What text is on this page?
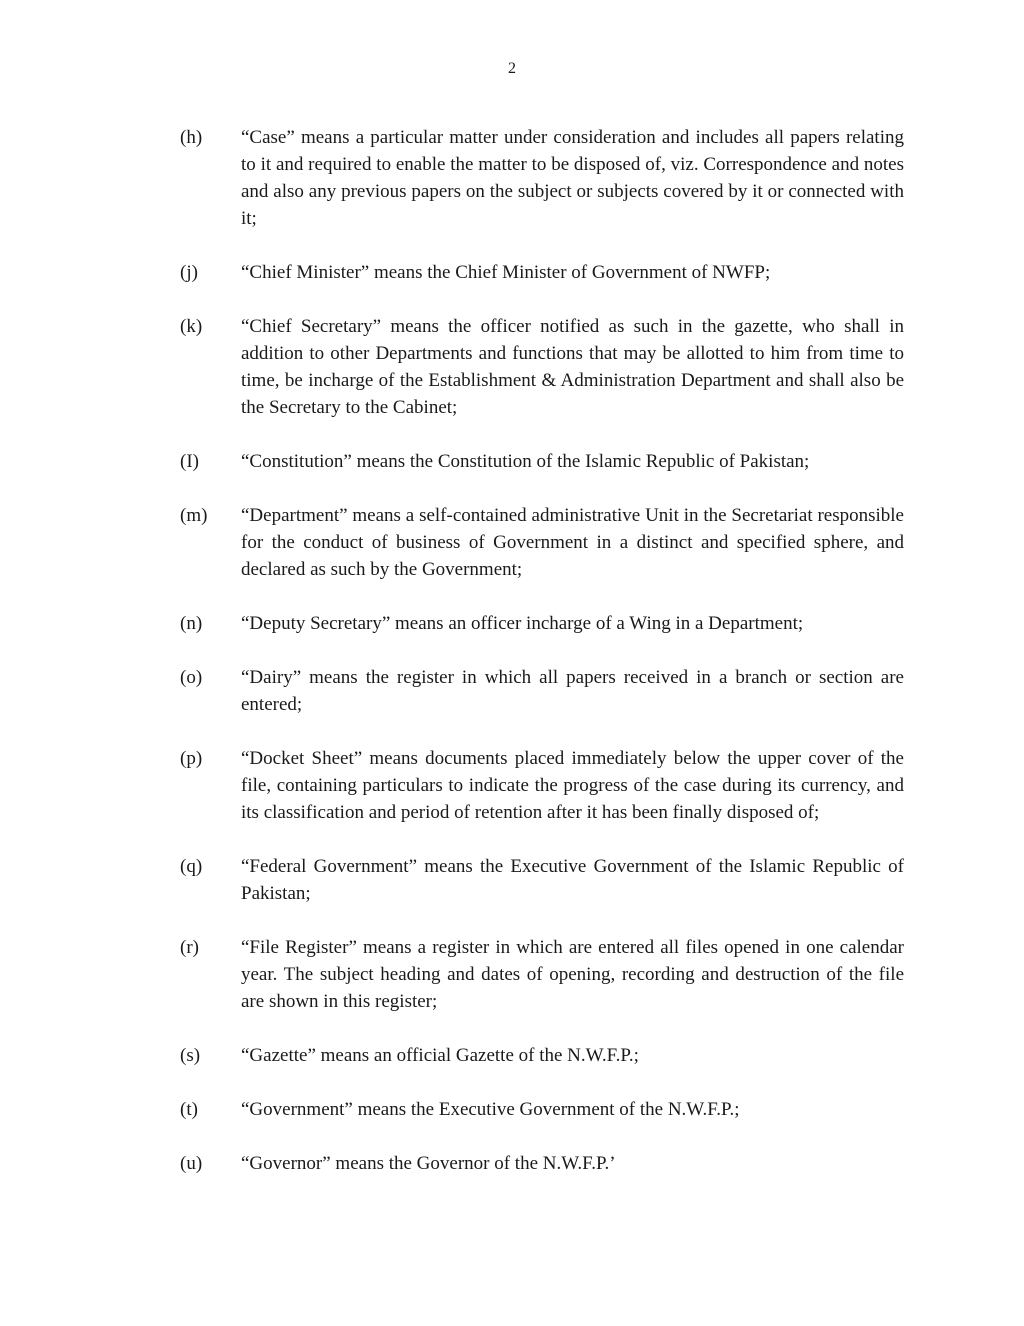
2
(h)	“Case” means a particular matter under consideration and includes all papers relating to it and required to enable the matter to be disposed of, viz. Correspondence and notes and also any previous papers on the subject or subjects covered by it or connected with it;
(j)	“Chief Minister” means the Chief Minister of Government of NWFP;
(k)	“Chief Secretary” means the officer notified as such in the gazette, who shall in addition to other Departments and functions that may be allotted to him from time to time, be incharge of the Establishment & Administration Department and shall also be the Secretary to the Cabinet;
(I)	“Constitution” means the Constitution of the Islamic Republic of Pakistan;
(m)	“Department” means a self-contained administrative Unit in the Secretariat responsible for the conduct of business of Government in a distinct and specified sphere, and declared as such by the Government;
(n)	“Deputy Secretary” means an officer incharge of a Wing in a Department;
(o)	“Dairy” means the register in which all papers received in a branch or section are entered;
(p)	“Docket Sheet” means documents placed immediately below the upper cover of the file, containing particulars to indicate the progress of the case during its currency, and its classification and period of retention after it has been finally disposed of;
(q)	“Federal Government” means the Executive Government of the Islamic Republic of Pakistan;
(r)	“File Register” means a register in which are entered all files opened in one calendar year. The subject heading and dates of opening, recording and destruction of the file are shown in this register;
(s)	“Gazette” means an official Gazette of the N.W.F.P.;
(t)	“Government” means the Executive Government of the N.W.F.P.;
(u)	“Governor” means the Governor of the N.W.F.P.’
